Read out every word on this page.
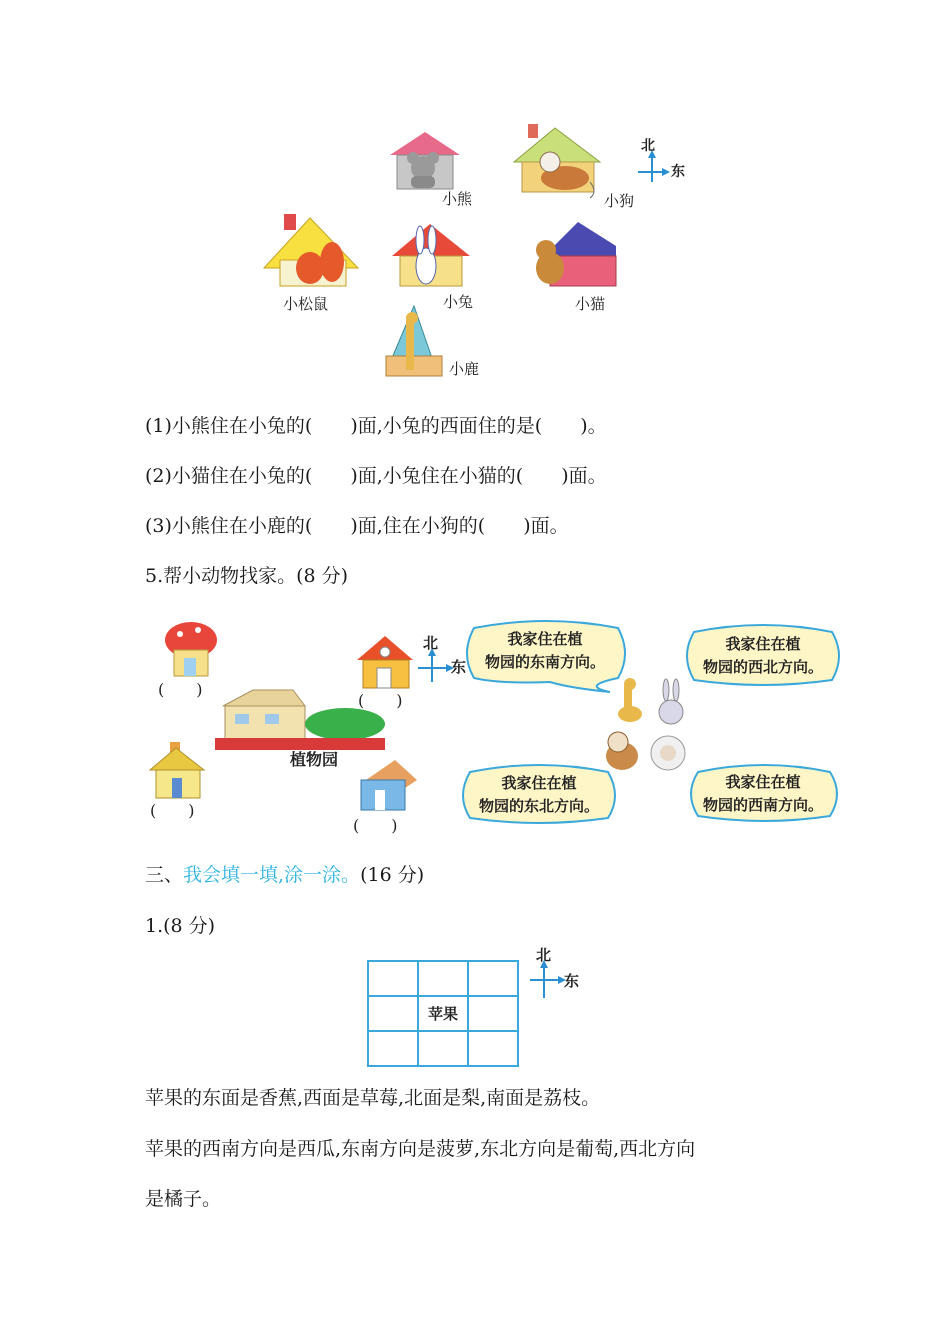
小熊	小狗
北
东
小松鼠	小兔	小猫
小鹿
(1)小熊住在小兔的(　　)面,小兔的西面住的是(　　)。
(2)小猫住在小兔的(　　)面,小兔住在小猫的(　　)面。
(3)小熊住在小鹿的(　　)面,住在小狗的(　　)面。
5.帮小动物找家。(8 分)
(　　)
植物园
(　　)
(　　)
(　　)
北
东
我家住在植
物园的东南方向。
我家住在植
物园的西北方向。
我家住在植
物园的东北方向。
我家住在植
物园的西南方向。
三、我会填一填,涂一涂。(16 分)
1.(8 分)

	苹果	

北
东
苹果的东面是香蕉,西面是草莓,北面是梨,南面是荔枝。
苹果的西南方向是西瓜,东南方向是菠萝,东北方向是葡萄,西北方向
是橘子。
